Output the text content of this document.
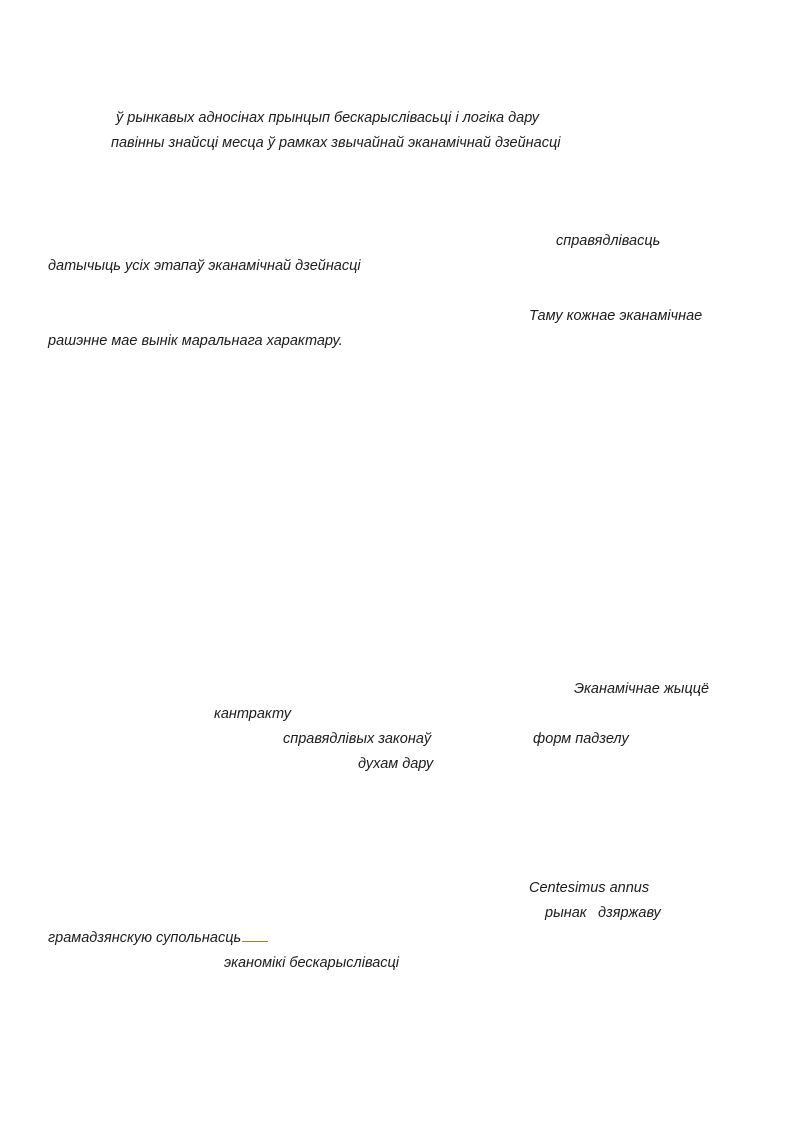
ў рынкавых адносінах прынцып бескарыслівасьці і логіка дару
павінны знайсці месца ў рамках звычайнай эканамічнай дзейнасці
справядлівасць
датычыць усіх этапаў эканамічнай дзейнасці
Таму кожнае эканамічнае
рашэнне мае вынік маральнага характару.
Эканамічнае жыццё
кантракту
справядлівых законаў	форм падзелу
духам дару
Centesimus annus
рынак дзяржаву
грамадзянскую супольнасць
эканомікі бескарыслівасці
